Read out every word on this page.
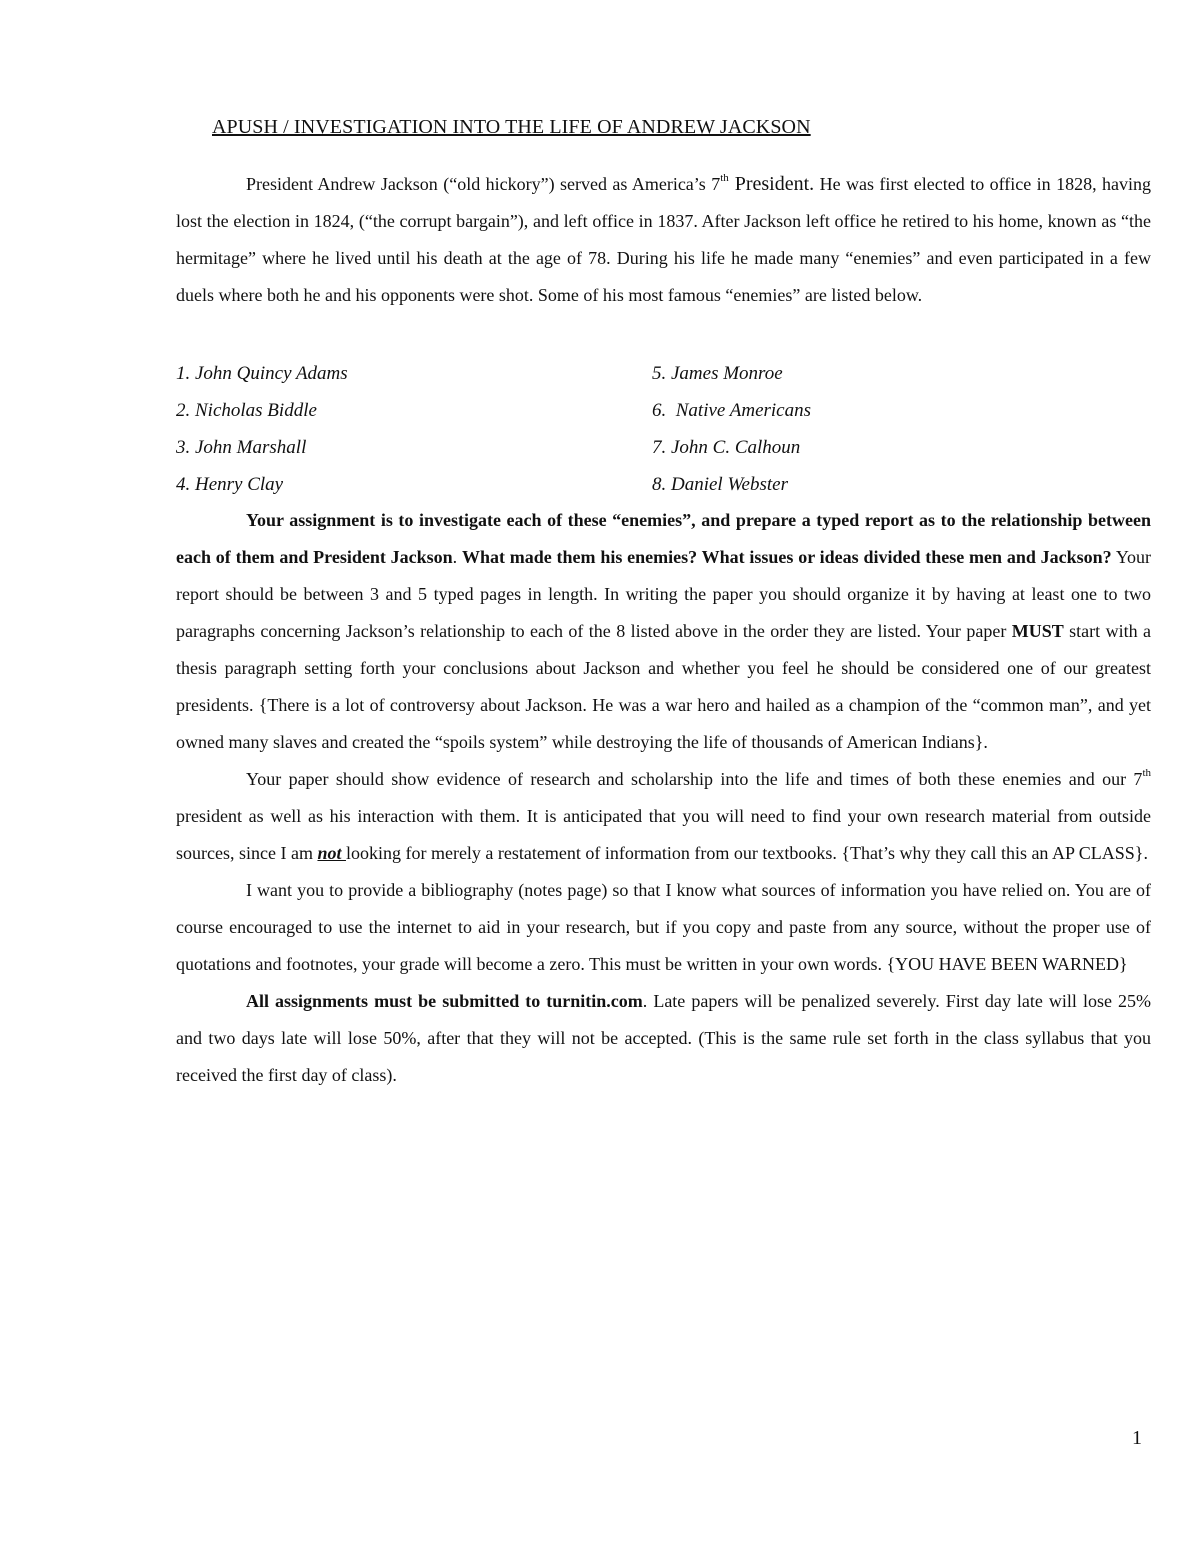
APUSH / INVESTIGATION INTO THE LIFE OF ANDREW JACKSON

President Andrew Jackson (“old hickory”) served as America’s 7th President. He was first elected to office in 1828, having lost the election in 1824, (“the corrupt bargain”), and left office in 1837. After Jackson left office he retired to his home, known as “the hermitage” where he lived until his death at the age of 78. During his life he made many “enemies” and even participated in a few duels where both he and his opponents were shot. Some of his most famous “enemies” are listed below.

1. John Quincy Adams	5. James Monroe
2. Nicholas Biddle	6.  Native Americans
3. John Marshall	7. John C. Calhoun
4. Henry Clay	8. Daniel Webster

Your assignment is to investigate each of these “enemies”, and prepare a typed report as to the relationship between each of them and President Jackson. What made them his enemies? What issues or ideas divided these men and Jackson? Your report should be between 3 and 5 typed pages in length. In writing the paper you should organize it by having at least one to two paragraphs concerning Jackson’s relationship to each of the 8 listed above in the order they are listed. Your paper MUST start with a thesis paragraph setting forth your conclusions about Jackson and whether you feel he should be considered one of our greatest presidents. {There is a lot of controversy about Jackson. He was a war hero and hailed as a champion of the “common man”, and yet owned many slaves and created the “spoils system” while destroying the life of thousands of American Indians}.

Your paper should show evidence of research and scholarship into the life and times of both these enemies and our 7th president as well as his interaction with them. It is anticipated that you will need to find your own research material from outside sources, since I am not looking for merely a restatement of information from our textbooks. {That’s why they call this an AP CLASS}.

I want you to provide a bibliography (notes page) so that I know what sources of information you have relied on. You are of course encouraged to use the internet to aid in your research, but if you copy and paste from any source, without the proper use of quotations and footnotes, your grade will become a zero. This must be written in your own words. {YOU HAVE BEEN WARNED}

All assignments must be submitted to turnitin.com. Late papers will be penalized severely. First day late will lose 25% and two days late will lose 50%, after that they will not be accepted. (This is the same rule set forth in the class syllabus that you received the first day of class).

1
